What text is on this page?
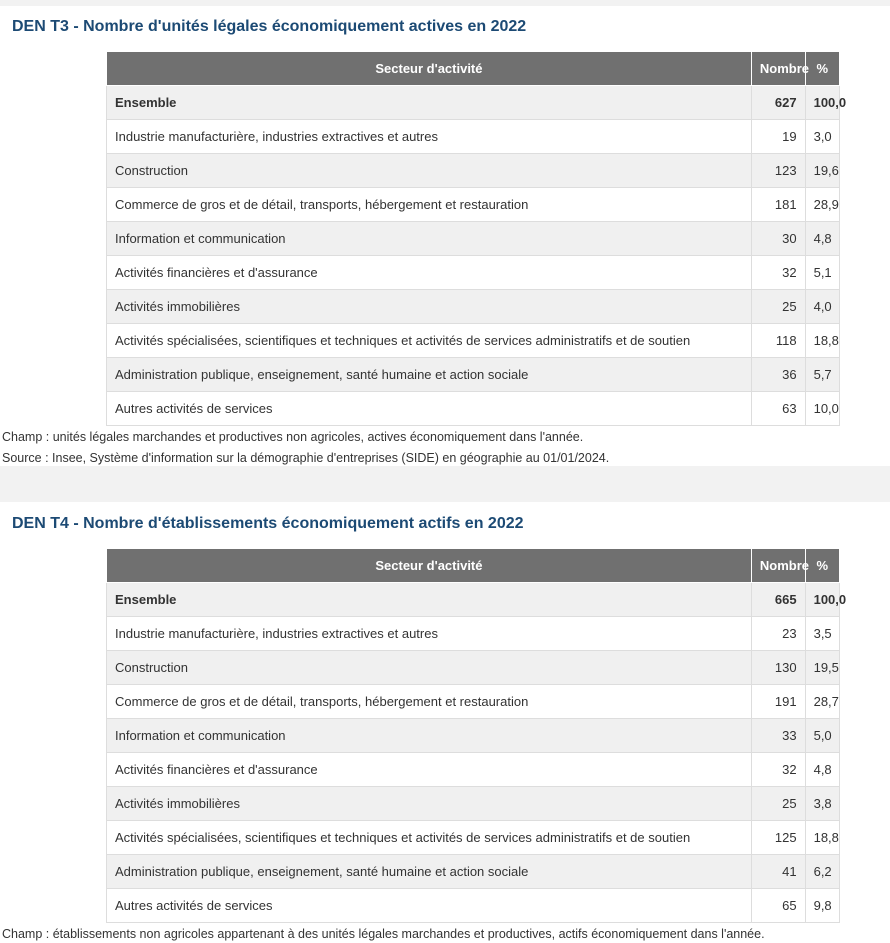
DEN T3 - Nombre d'unités légales économiquement actives en 2022
Secteur d'activité	Nombre	%
Ensemble	627	100,0
Industrie manufacturière, industries extractives et autres	19	3,0
Construction	123	19,6
Commerce de gros et de détail, transports, hébergement et restauration	181	28,9
Information et communication	30	4,8
Activités financières et d'assurance	32	5,1
Activités immobilières	25	4,0
Activités spécialisées, scientifiques et techniques et activités de services administratifs et de soutien	118	18,8
Administration publique, enseignement, santé humaine et action sociale	36	5,7
Autres activités de services	63	10,0
Champ : unités légales marchandes et productives non agricoles, actives économiquement dans l'année.
Source : Insee, Système d'information sur la démographie d'entreprises (SIDE) en géographie au 01/01/2024.
DEN T4 - Nombre d'établissements économiquement actifs en 2022
Secteur d'activité	Nombre	%
Ensemble	665	100,0
Industrie manufacturière, industries extractives et autres	23	3,5
Construction	130	19,5
Commerce de gros et de détail, transports, hébergement et restauration	191	28,7
Information et communication	33	5,0
Activités financières et d'assurance	32	4,8
Activités immobilières	25	3,8
Activités spécialisées, scientifiques et techniques et activités de services administratifs et de soutien	125	18,8
Administration publique, enseignement, santé humaine et action sociale	41	6,2
Autres activités de services	65	9,8
Champ : établissements non agricoles appartenant à des unités légales marchandes et productives, actifs économiquement dans l'année.
